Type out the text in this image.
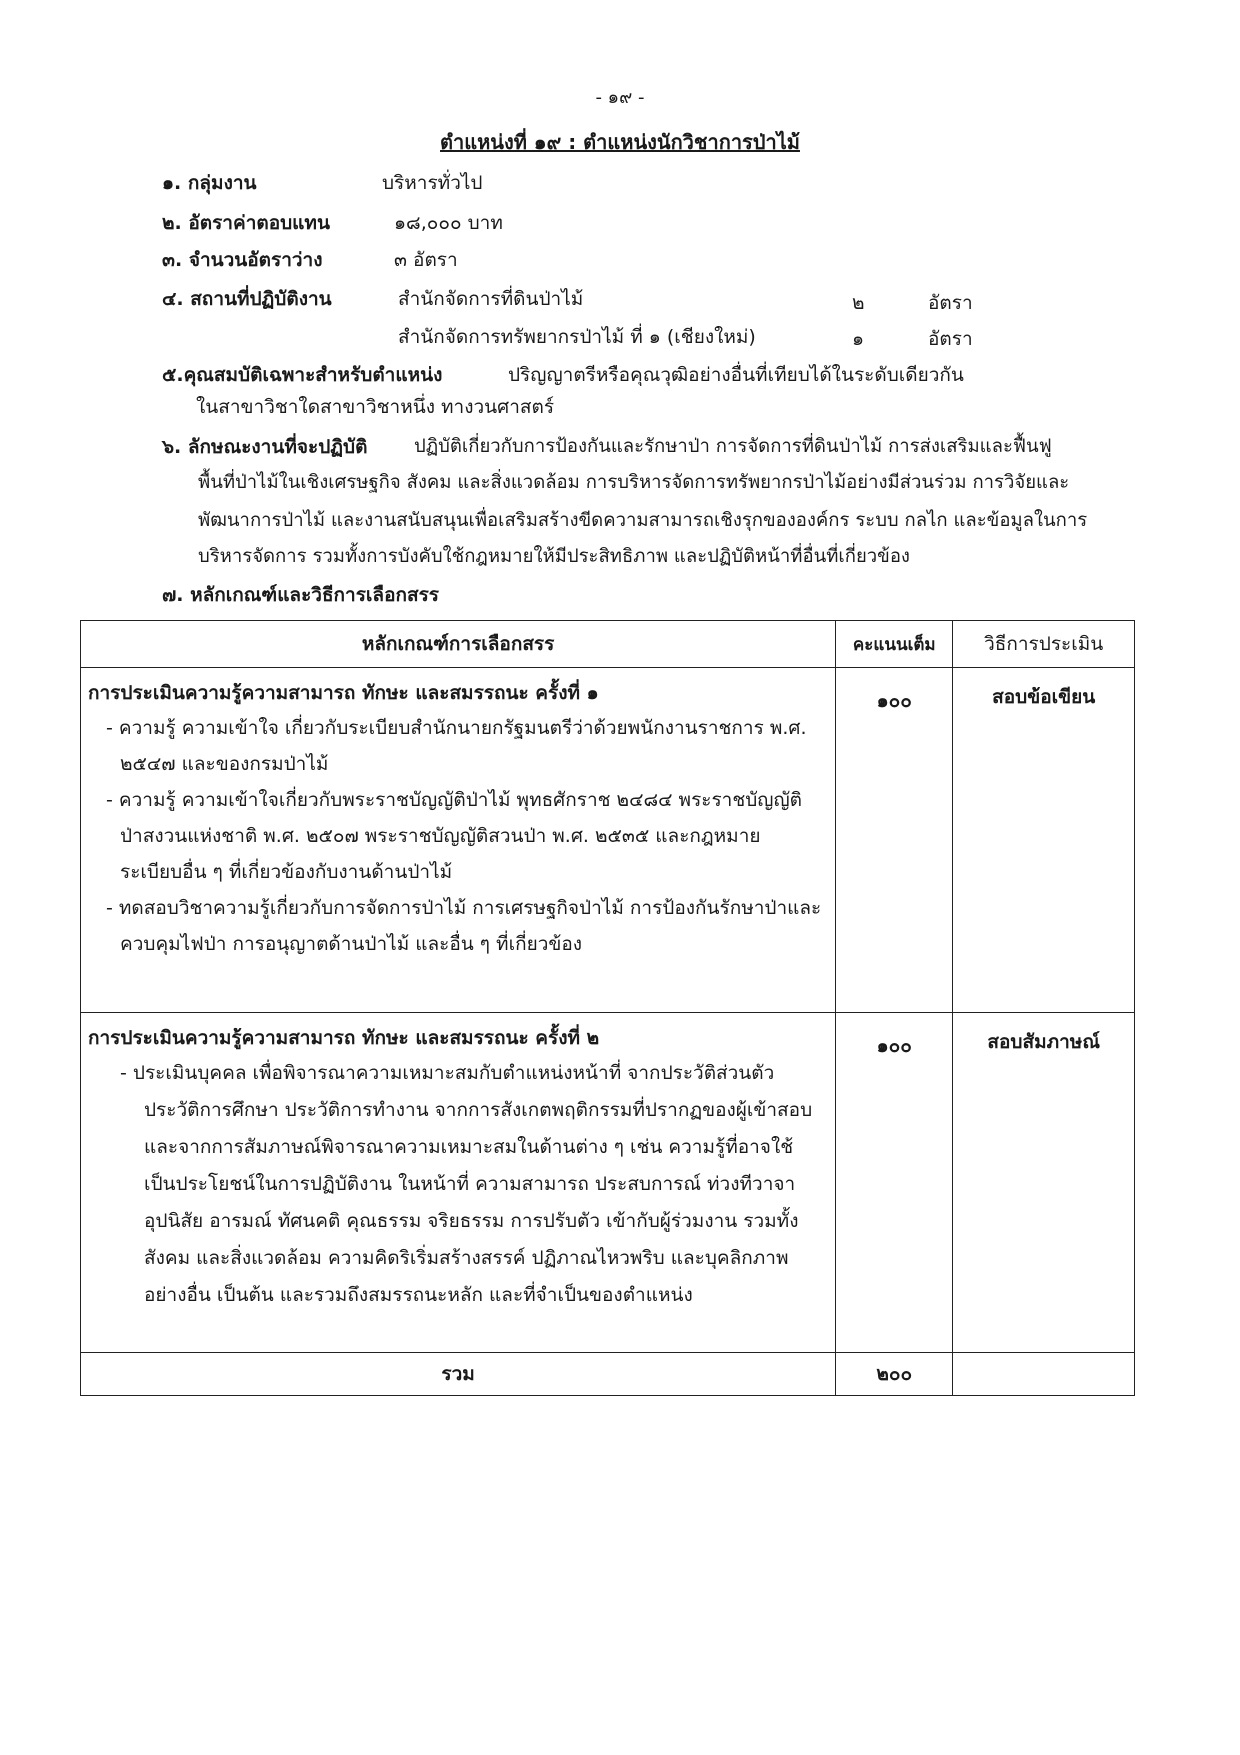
- ๑๙ -
ตำแหน่งที่ ๑๙ : ตำแหน่งนักวิชาการป่าไม้
๑. กลุ่มงาน	บริหารทั่วไป
๒. อัตราค่าตอบแทน	๑๘,๐๐๐ บาท
๓. จำนวนอัตราว่าง	๓ อัตรา
๔. สถานที่ปฏิบัติงาน	สำนักจัดการที่ดินป่าไม้	๒	อัตรา
สำนักจัดการทรัพยากรป่าไม้ ที่ ๑ (เชียงใหม่)	๑	อัตรา
๕.คุณสมบัติเฉพาะสำหรับตำแหน่ง	ปริญญาตรีหรือคุณวุฒิอย่างอื่นที่เทียบได้ในระดับเดียวกัน
ในสาขาวิชาใดสาขาวิชาหนึ่ง ทางวนศาสตร์
๖. ลักษณะงานที่จะปฏิบัติ	ปฏิบัติเกี่ยวกับการป้องกันและรักษาป่า การจัดการที่ดินป่าไม้ การส่งเสริมและฟื้นฟู
พื้นที่ป่าไม้ในเชิงเศรษฐกิจ สังคม และสิ่งแวดล้อม การบริหารจัดการทรัพยากรป่าไม้อย่างมีส่วนร่วม การวิจัยและ
พัฒนาการป่าไม้ และงานสนับสนุนเพื่อเสริมสร้างขีดความสามารถเชิงรุกขององค์กร ระบบ กลไก และข้อมูลในการ
บริหารจัดการ รวมทั้งการบังคับใช้กฎหมายให้มีประสิทธิภาพ และปฏิบัติหน้าที่อื่นที่เกี่ยวข้อง
๗. หลักเกณฑ์และวิธีการเลือกสรร
หลักเกณฑ์การเลือกสรร	คะแนนเต็ม	วิธีการประเมิน

การประเมินความรู้ความสามารถ ทักษะ และสมรรถนะ ครั้งที่ ๑
- ความรู้ ความเข้าใจ เกี่ยวกับระเบียบสำนักนายกรัฐมนตรีว่าด้วยพนักงานราชการ พ.ศ. ๒๕๔๗ และของกรมป่าไม้
- ความรู้ ความเข้าใจเกี่ยวกับพระราชบัญญัติป่าไม้ พุทธศักราช ๒๔๘๔ พระราชบัญญัติป่าสงวนแห่งชาติ พ.ศ. ๒๕๐๗ พระราชบัญญัติสวนป่า พ.ศ. ๒๕๓๕ และกฎหมาย ระเบียบอื่น ๆ ที่เกี่ยวข้องกับงานด้านป่าไม้
- ทดสอบวิชาความรู้เกี่ยวกับการจัดการป่าไม้ การเศรษฐกิจป่าไม้ การป้องกันรักษาป่าและควบคุมไฟป่า การอนุญาตด้านป่าไม้ และอื่น ๆ ที่เกี่ยวข้อง	๑๐๐	สอบข้อเขียน

การประเมินความรู้ความสามารถ ทักษะ และสมรรถนะ ครั้งที่ ๒
- ประเมินบุคคล เพื่อพิจารณาความเหมาะสมกับตำแหน่งหน้าที่ จากประวัติส่วนตัว ประวัติการศึกษา ประวัติการทำงาน จากการสังเกตพฤติกรรมที่ปรากฏของผู้เข้าสอบและจากการสัมภาษณ์พิจารณาความเหมาะสมในด้านต่าง ๆ เช่น ความรู้ที่อาจใช้เป็นประโยชน์ในการปฏิบัติงาน ในหน้าที่ ความสามารถ ประสบการณ์ ท่วงทีวาจา อุปนิสัย อารมณ์ ทัศนคติ คุณธรรม จริยธรรม การปรับตัว เข้ากับผู้ร่วมงาน รวมทั้งสังคม และสิ่งแวดล้อม ความคิดริเริ่มสร้างสรรค์ ปฏิภาณไหวพริบ และบุคลิกภาพอย่างอื่น เป็นต้น และรวมถึงสมรรถนะหลัก และที่จำเป็นของตำแหน่ง	๑๐๐	สอบสัมภาษณ์
รวม	๒๐๐	
